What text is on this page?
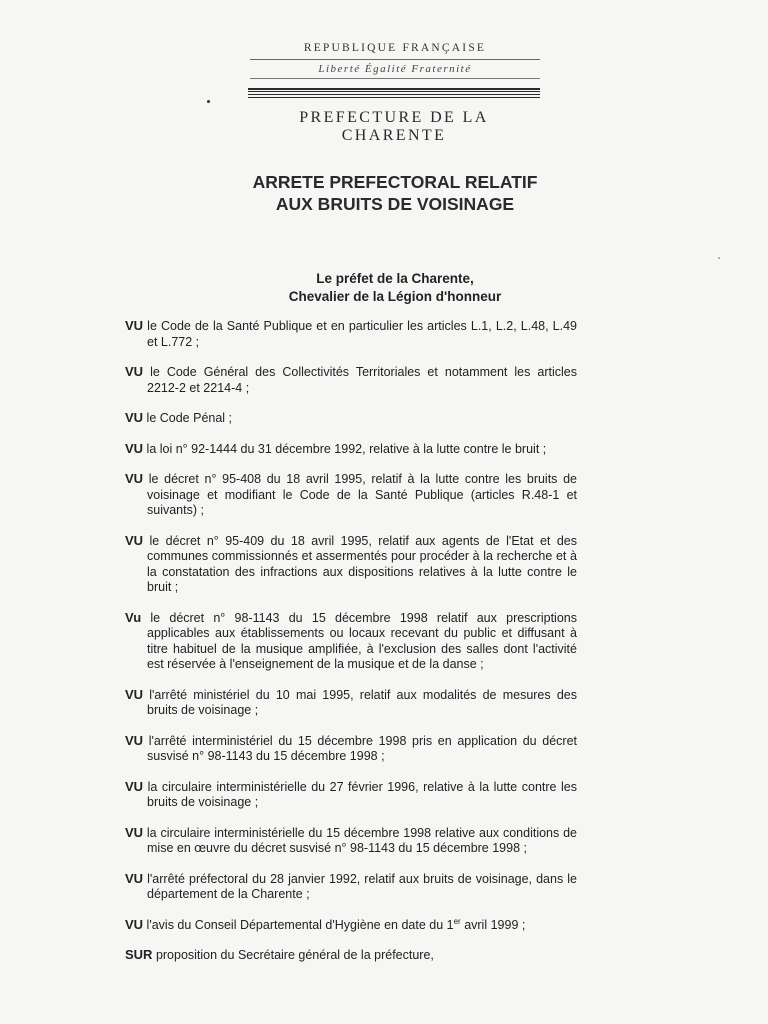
REPUBLIQUE FRANÇAISE
Liberté Égalité Fraternité
PREFECTURE DE LA CHARENTE
ARRETE PREFECTORAL RELATIF
AUX BRUITS DE VOISINAGE
Le préfet de la Charente,
Chevalier de la Légion d'honneur
VU le Code de la Santé Publique et en particulier les articles L.1, L.2, L.48, L.49 et L.772 ;
VU le Code Général des Collectivités Territoriales et notamment les articles 2212-2 et 2214-4 ;
VU le Code Pénal ;
VU la loi n° 92-1444 du 31 décembre 1992, relative à la lutte contre le bruit ;
VU le décret n° 95-408 du 18 avril 1995, relatif à la lutte contre les bruits de voisinage et modifiant le Code de la Santé Publique (articles R.48-1 et suivants) ;
VU le décret n° 95-409 du 18 avril 1995, relatif aux agents de l'Etat et des communes commissionnés et assermentés pour procéder à la recherche et à la constatation des infractions aux dispositions relatives à la lutte contre le bruit ;
Vu le décret n° 98-1143 du 15 décembre 1998 relatif aux prescriptions applicables aux établissements ou locaux recevant du public et diffusant à titre habituel de la musique amplifiée, à l'exclusion des salles dont l'activité est réservée à l'enseignement de la musique et de la danse ;
VU l'arrêté ministériel du 10 mai 1995, relatif aux modalités de mesures des bruits de voisinage ;
VU l'arrêté interministériel du 15 décembre 1998 pris en application du décret susvisé n° 98-1143 du 15 décembre 1998 ;
VU la circulaire interministérielle du 27 février 1996, relative à la lutte contre les bruits de voisinage ;
VU la circulaire interministérielle du 15 décembre 1998 relative aux conditions de mise en œuvre du décret susvisé n° 98-1143 du 15 décembre 1998 ;
VU l'arrêté préfectoral du 28 janvier 1992, relatif aux bruits de voisinage, dans le département de la Charente ;
VU l'avis du Conseil Départemental d'Hygiène en date du 1er avril 1999 ;
SUR proposition du Secrétaire général de la préfecture,
